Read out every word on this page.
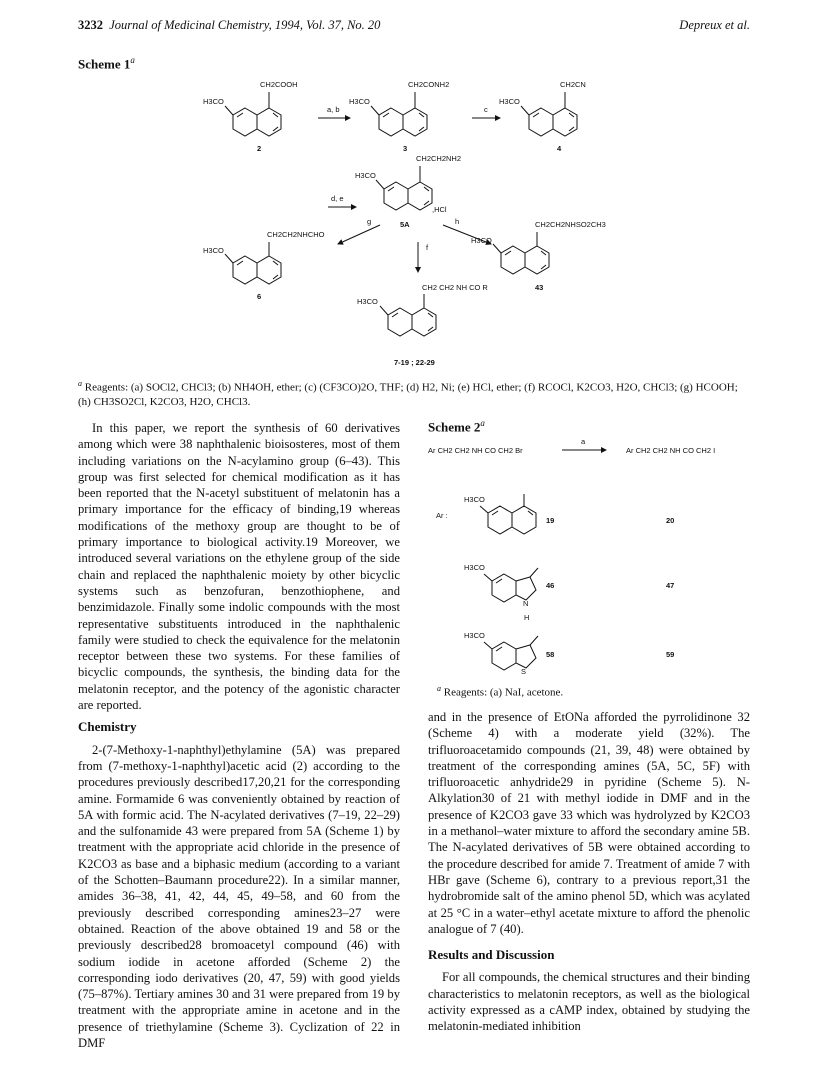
3232 Journal of Medicinal Chemistry, 1994, Vol. 37, No. 20	Depreux et al.
Scheme 1$^a$
CH2COOH
H3CO
2
a, b
CH2CONH2
H3CO
3
c
CH2CN
H3CO
4
d, e
CH2CH2NH2
H3CO
,HCl
5A
g	h
f
CH2CH2NHCHO
H3CO
6
CH2CH2NHSO2CH3
H3CO
43
CH2 CH2 NH CO R
H3CO
7-19 ; 22-29
$^a$ Reagents: (a) SOCl2, CHCl3; (b) NH4OH, ether; (c) (CF3CO)2O, THF; (d) H2, Ni; (e) HCl, ether; (f) RCOCl, K2CO3, H2O, CHCl3; (g) HCOOH; (h) CH3SO2Cl, K2CO3, H2O, CHCl3.

In this paper, we report the synthesis of 60 derivatives among which were 38 naphthalenic bioisosteres, most of them including variations on the N-acylamino group (6–43). This group was first selected for chemical modification as it has been reported that the N-acetyl substituent of melatonin has a primary importance for the efficacy of binding,19 whereas modifications of the methoxy group are thought to be of primary importance to biological activity.19 Moreover, we introduced several variations on the ethylene group of the side chain and replaced the naphthalenic moiety by other bicyclic systems such as benzofuran, benzothiophene, and benzimidazole. Finally some indolic compounds with the most representative substituents introduced in the naphthalenic family were studied to check the equivalence for the melatonin receptor between these two systems. For these families of bicyclic compounds, the synthesis, the binding data for the melatonin receptor, and the potency of the agonistic character are reported.

Chemistry

2-(7-Methoxy-1-naphthyl)ethylamine (5A) was prepared from (7-methoxy-1-naphthyl)acetic acid (2) according to the procedures previously described17,20,21 for the corresponding amine. Formamide 6 was conveniently obtained by reaction of 5A with formic acid. The N-acylated derivatives (7–19, 22–29) and the sulfonamide 43 were prepared from 5A (Scheme 1) by treatment with the appropriate acid chloride in the presence of K2CO3 as base and a biphasic medium (according to a variant of the Schotten–Baumann procedure22). In a similar manner, amides 36–38, 41, 42, 44, 45, 49–58, and 60 from the previously described corresponding amines23–27 were obtained. Reaction of the above obtained 19 and 58 or the previously described28 bromoacetyl compound (46) with sodium iodide in acetone afforded (Scheme 2) the corresponding iodo derivatives (20, 47, 59) with good yields (75–87%). Tertiary amines 30 and 31 were prepared from 19 by treatment with the appropriate amine in acetone and in the presence of triethylamine (Scheme 3). Cyclization of 22 in DMF

Scheme 2$^a$
Ar CH2 CH2 NH CO CH2 Br
a
Ar CH2 CH2 NH CO CH2 I
Ar :
H3CO
19	20
H3CO
N
H
46	47
H3CO
S
58	59
$^a$ Reagents: (a) NaI, acetone.

and in the presence of EtONa afforded the pyrrolidinone 32 (Scheme 4) with a moderate yield (32%). The trifluoroacetamido compounds (21, 39, 48) were obtained by treatment of the corresponding amines (5A, 5C, 5F) with trifluoroacetic anhydride29 in pyridine (Scheme 5). N-Alkylation30 of 21 with methyl iodide in DMF and in the presence of K2CO3 gave 33 which was hydrolyzed by K2CO3 in a methanol–water mixture to afford the secondary amine 5B. The N-acylated derivatives of 5B were obtained according to the procedure described for amide 7. Treatment of amide 7 with HBr gave (Scheme 6), contrary to a previous report,31 the hydrobromide salt of the amino phenol 5D, which was acylated at 25 °C in a water–ethyl acetate mixture to afford the phenolic analogue of 7 (40).

Results and Discussion

For all compounds, the chemical structures and their binding characteristics to melatonin receptors, as well as the biological activity expressed as a cAMP index, obtained by studying the melatonin-mediated inhibition
